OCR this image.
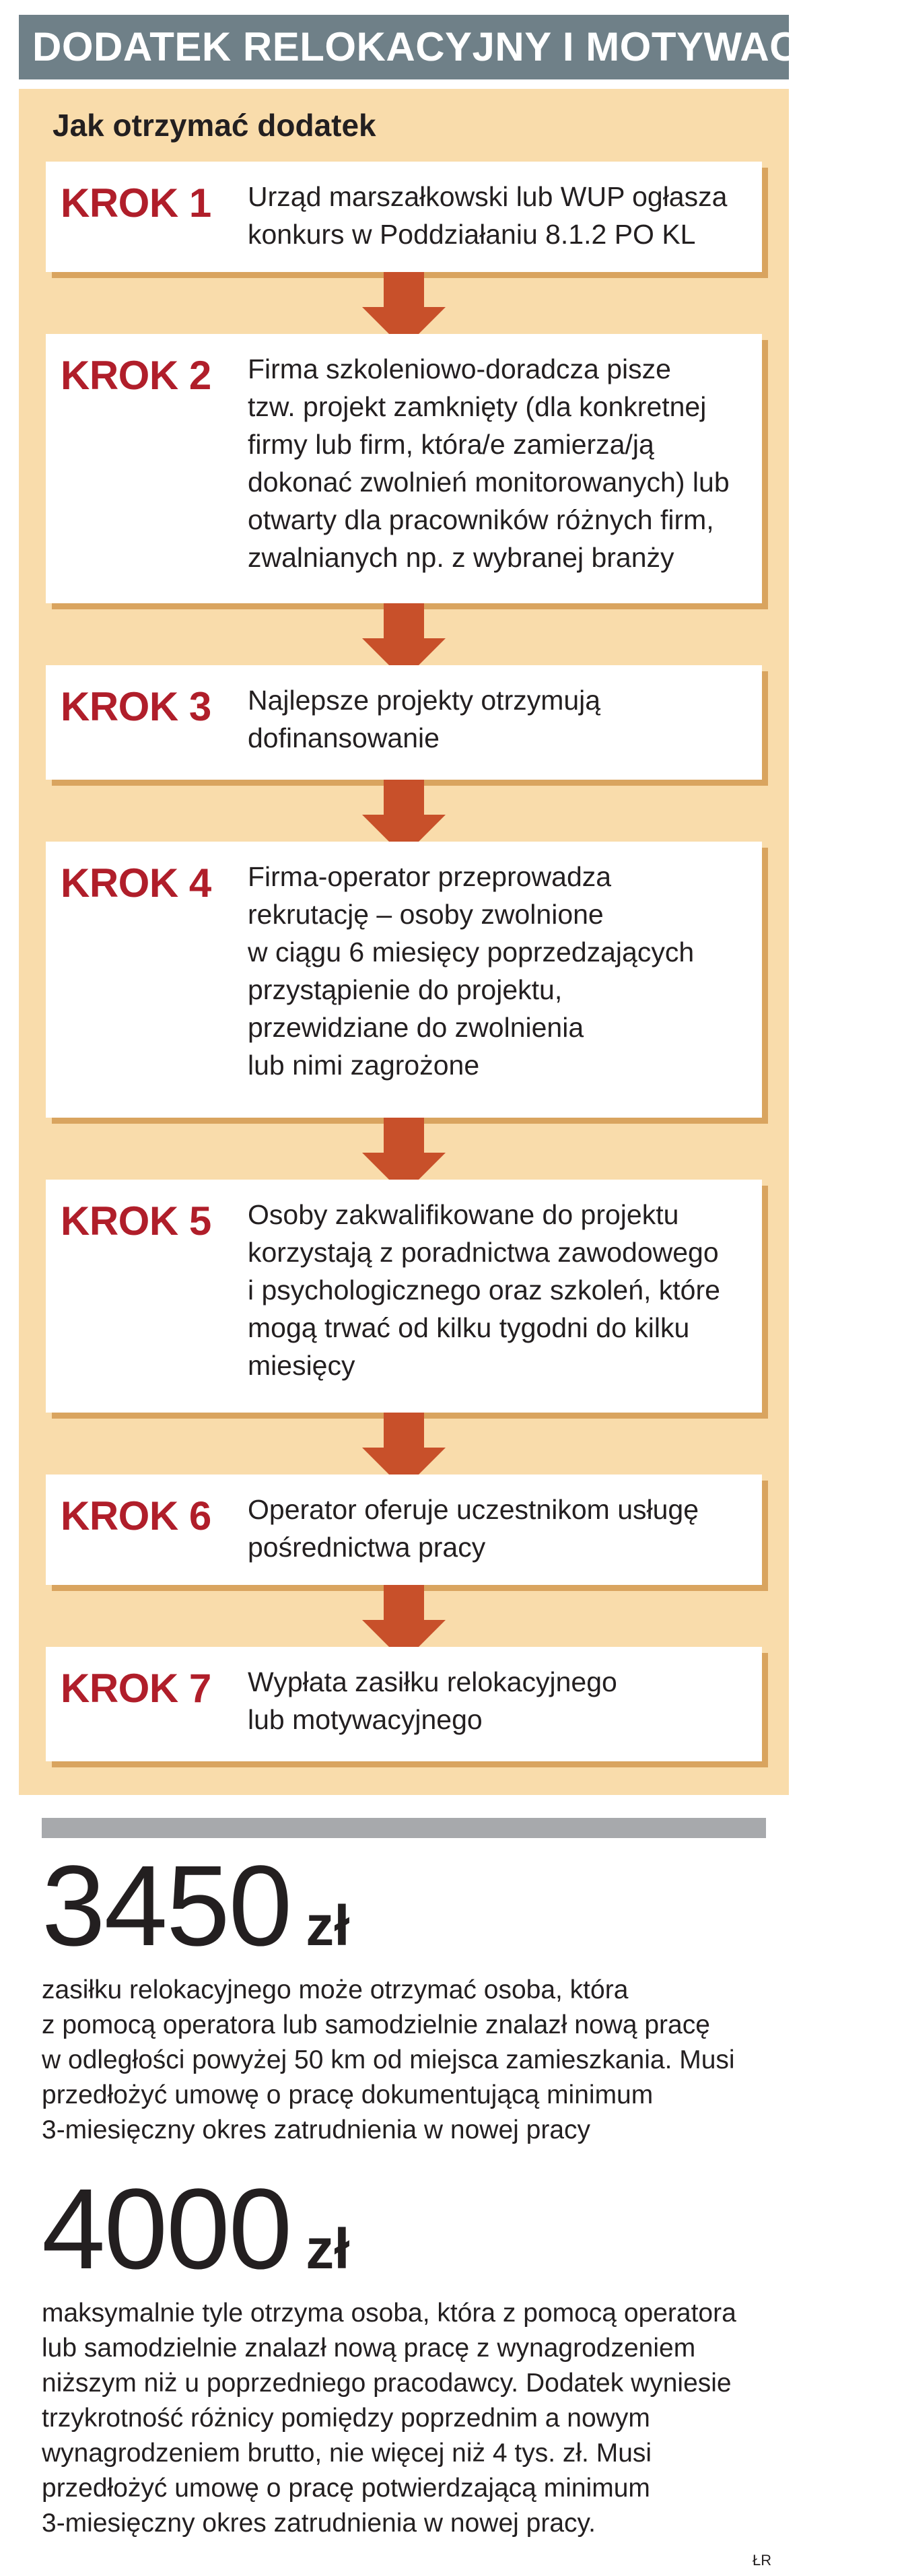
DODATEK RELOKACYJNY I MOTYWACYJNY
Jak otrzymać dodatek
KROK 1	Urząd marszałkowski lub WUP ogłasza
konkurs w Poddziałaniu 8.1.2 PO KL
KROK 2	Firma szkoleniowo-doradcza pisze
tzw. projekt zamknięty (dla konkretnej
firmy lub firm, która/e zamierza/ją
dokonać zwolnień monitorowanych) lub
otwarty dla pracowników różnych firm,
zwalnianych np. z wybranej branży
KROK 3	Najlepsze projekty otrzymują
dofinansowanie
KROK 4	Firma-operator przeprowadza
rekrutację – osoby zwolnione
w ciągu 6 miesięcy poprzedzających
przystąpienie do projektu,
przewidziane do zwolnienia
lub nimi zagrożone
KROK 5	Osoby zakwalifikowane do projektu
korzystają z poradnictwa zawodowego
i psychologicznego oraz szkoleń, które
mogą trwać od kilku tygodni do kilku
miesięcy
KROK 6	Operator oferuje uczestnikom usługę
pośrednictwa pracy
KROK 7	Wypłata zasiłku relokacyjnego
lub motywacyjnego
3450 zł
zasiłku relokacyjnego może otrzymać osoba, która
z pomocą operatora lub samodzielnie znalazł nową pracę
w odległości powyżej 50 km od miejsca zamieszkania. Musi
przedłożyć umowę o pracę dokumentującą minimum
3-miesięczny okres zatrudnienia w nowej pracy
4000 zł
maksymalnie tyle otrzyma osoba, która z pomocą operatora
lub samodzielnie znalazł nową pracę z wynagrodzeniem
niższym niż u poprzedniego pracodawcy. Dodatek wyniesie
trzykrotność różnicy pomiędzy poprzednim a nowym
wynagrodzeniem brutto, nie więcej niż 4 tys. zł. Musi
przedłożyć umowę o pracę potwierdzającą minimum
3-miesięczny okres zatrudnienia w nowej pracy.
ŁR
